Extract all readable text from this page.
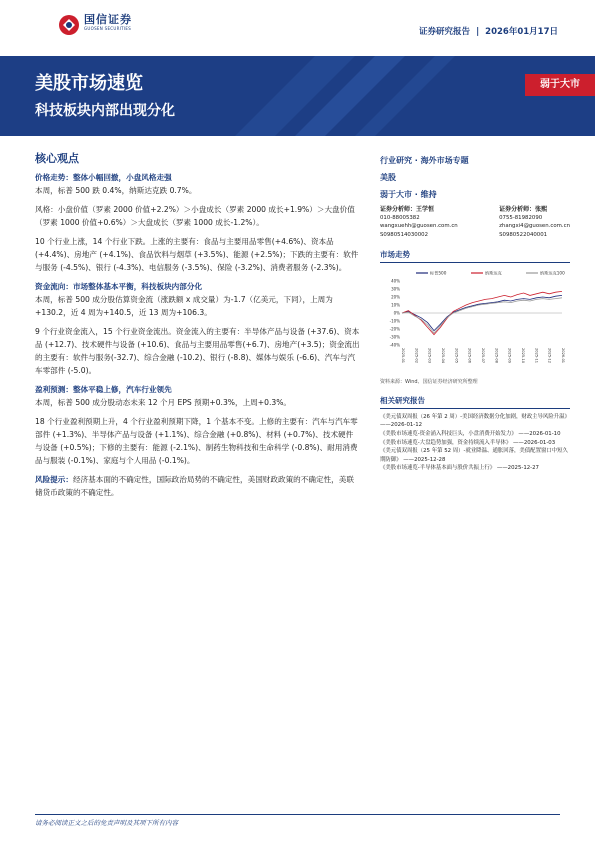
国信证券
GUOSEN SECURITIES	证券研究报告 | 2026年01月17日
美股市场速览
科技板块内部出现分化
弱于大市
核心观点
价格走势：整体小幅回撤，小盘风格走强
本周，标普 500 跌 0.4%，纳斯达克跌 0.7%。
风格：小盘价值（罗素 2000 价值+2.2%）＞小盘成长（罗素 2000 成长+1.9%）＞大盘价值（罗素 1000 价值+0.6%）＞大盘成长（罗素 1000 成长-1.2%）。
10 个行业上涨，14 个行业下跌。上涨的主要有：食品与主要用品零售(+4.6%)、资本品 (+4.4%)、房地产 (+4.1%)、食品饮料与烟草 (+3.5%)、能源 (+2.5%)；下跌的主要有：软件与服务 (-4.5%)、银行 (-4.3%)、电信服务 (-3.5%)、保险 (-3.2%)、消费者服务 (-2.3%)。
资金流向：市场整体基本平衡，科技板块内部分化
本周，标普 500 成分股估算资金流（涨跌额 x 成交量）为-1.7（亿美元，下同），上周为+130.2，近 4 周为+140.5，近 13 周为+106.3。
9 个行业资金流入，15 个行业资金流出。资金流入的主要有：半导体产品与设备 (+37.6)、资本品 (+12.7)、技术硬件与设备 (+10.6)、食品与主要用品零售(+6.7)、房地产(+3.5)；资金流出的主要有：软件与服务(-32.7)、综合金融 (-10.2)、银行 (-8.8)、媒体与娱乐 (-6.6)、汽车与汽车零部件 (-5.0)。
盈利预测：整体平稳上修，汽车行业领先
本周，标普 500 成分股动态未来 12 个月 EPS 预期+0.3%，上周+0.3%。
18 个行业盈利预期上升，4 个行业盈利预期下降，1 个基本不变。上修的主要有：汽车与汽车零部件 (+1.3%)、半导体产品与设备 (+1.1%)、综合金融 (+0.8%)、材料 (+0.7%)、技术硬件与设备 (+0.5%)；下修的主要有：能源 (-2.1%)、制药生物科技和生命科学 (-0.8%)、耐用消费品与服装 (-0.1%)、家庭与个人用品 (-0.1%)。
风险提示：经济基本面的不确定性，国际政治局势的不确定性，美国财政政策的不确定性，美联储货币政策的不确定性。
行业研究 · 海外市场专题
美股
弱于大市 · 维持
证券分析师：王学恒
010-88005382
wangxuehh@guosen.com.cn
S0980514030002
证券分析师：张熙
0755-81982090
zhangxi4@guosen.com.cn
S0980522040001
市场走势
40%
30%
20%
10%
0%
-10%
-20%
-30%
-40%
2025-01	2025-02	2025-03	2025-04	2025-05	2025-06	2025-07	2025-08	2025-09	2025-10	2025-11	2025-12	2026-01
标普500	纳斯达克	纳斯达克100
资料来源：Wind、国信证券经济研究所整理
相关研究报告
《美元债双周报（26 年第 2 周）-美国经济数据分化加剧，财政主导风险升温》 ——2026-01-12
《美股市场速览-资金涌入科技巨头，小盘消费开始发力》 ——2026-01-10
《美股市场速览-大盘趋势加强，资金持续流入半导体》 ——2026-01-03
《美元债双周报（25 年第 52 周）-就业降温、通胀回落，美债配置窗口中短久期防御》 ——2025-12-28
《美股市场速览-半导体基本面与股价共振上行》 ——2025-12-27
请务必阅读正文之后的免责声明及其项下所有内容
